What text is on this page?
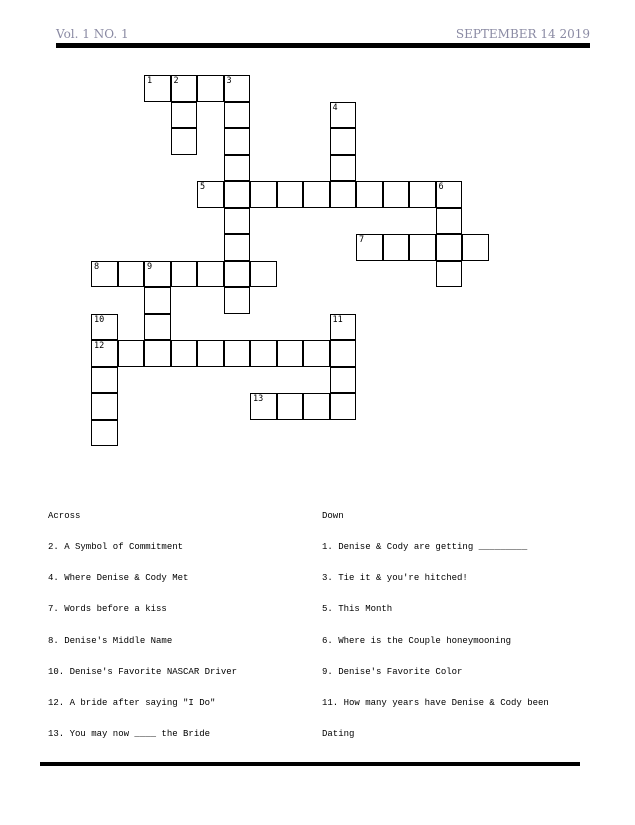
Vol. 1 NO. 1	SEPTEMBER 14 2019
1	2	3
4
5	6
7
8	9
10	11
12
13

Across

2. A Symbol of Commitment

4. Where Denise & Cody Met

7. Words before a kiss

8. Denise's Middle Name

10. Denise's Favorite NASCAR Driver

12. A bride after saying "I Do"

13. You may now ____ the Bride

Down

1. Denise & Cody are getting _________

3. Tie it & you're hitched!

5. This Month

6. Where is the Couple honeymooning

9. Denise's Favorite Color

11. How many years have Denise & Cody been

Dating
